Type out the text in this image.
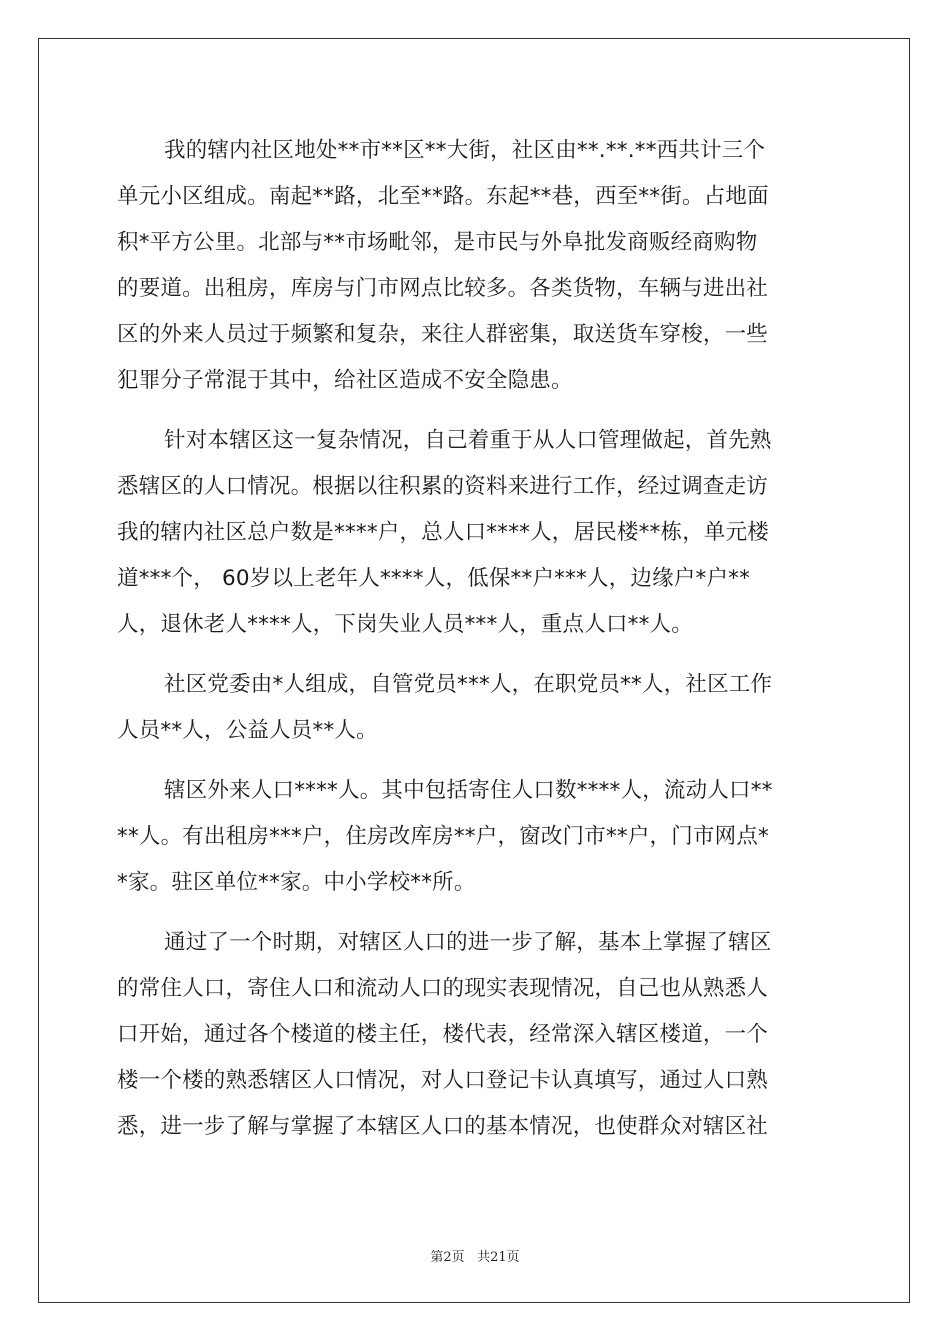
我的辖内社区地处**市**区**大街，社区由**.**.**西共计三个
单元小区组成。南起**路，北至**路。东起**巷，西至**街。占地面
积*平方公里。北部与**市场毗邻，是市民与外阜批发商贩经商购物
的要道。出租房，库房与门市网点比较多。各类货物，车辆与进出社
区的外来人员过于频繁和复杂，来往人群密集，取送货车穿梭，一些
犯罪分子常混于其中，给社区造成不安全隐患。
针对本辖区这一复杂情况，自己着重于从人口管理做起，首先熟
悉辖区的人口情况。根据以往积累的资料来进行工作，经过调查走访
我的辖内社区总户数是****户，总人口****人，居民楼**栋，单元楼
道***个， 60岁以上老年人****人，低保**户***人，边缘户*户**
人，退休老人****人，下岗失业人员***人，重点人口**人。
社区党委由*人组成，自管党员***人，在职党员**人，社区工作
人员**人，公益人员**人。
辖区外来人口****人。其中包括寄住人口数****人，流动人口**
**人。有出租房***户，住房改库房**户，窗改门市**户，门市网点*
*家。驻区单位**家。中小学校**所。
通过了一个时期，对辖区人口的进一步了解，基本上掌握了辖区
的常住人口，寄住人口和流动人口的现实表现情况，自己也从熟悉人
口开始，通过各个楼道的楼主任，楼代表，经常深入辖区楼道，一个
楼一个楼的熟悉辖区人口情况，对人口登记卡认真填写，通过人口熟
悉，进一步了解与掌握了本辖区人口的基本情况，也使群众对辖区社
第2页 共21页
